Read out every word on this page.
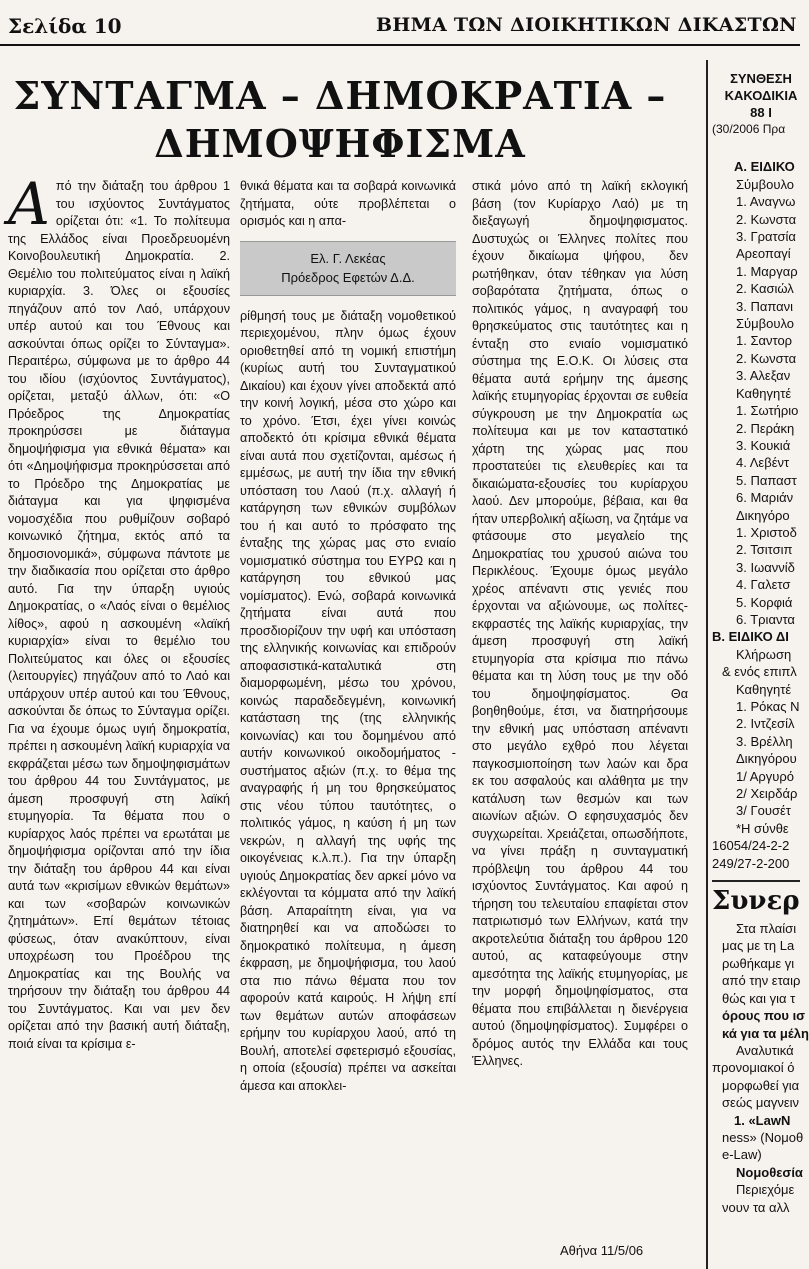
Σελίδα 10	ΒΗΜΑ ΤΩΝ ΔΙΟΙΚΗΤΙΚΩΝ ΔΙΚΑΣΤΩΝ
ΣΥΝΤΑΓΜΑ – ΔΗΜΟΚΡΑΤΙΑ –
ΔΗΜΟΨΗΦΙΣΜΑ
Α πό την διάταξη του άρθρου 1 του ισχύοντος Συντάγματος ορίζεται ότι: «1. Το πολίτευμα της Ελλάδος είναι Προεδρευομένη Κοινοβουλευτική Δημοκρατία. 2. Θεμέλιο του πολιτεύματος είναι η λαϊκή κυριαρχία. 3. Όλες οι εξουσίες πηγάζουν από τον Λαό, υπάρχουν υπέρ αυτού και του Έθνους και ασκούνται όπως ορίζει το Σύνταγμα». Περαιτέρω, σύμφωνα με το άρθρο 44 του ιδίου (ισχύοντος Συντάγματος), ορίζεται, μεταξύ άλλων, ότι: «Ο Πρόεδρος της Δημοκρατίας προκηρύσσει με διάταγμα δημοψήφισμα για εθνικά θέματα» και ότι «Δημοψήφισμα προκηρύσσεται από το Πρόεδρο της Δημοκρατίας με διάταγμα και για ψηφισμένα νομοσχέδια που ρυθμίζουν σοβαρό κοινωνικό ζήτημα, εκτός από τα δημοσιονομικά», σύμφωνα πάντοτε με την διαδικασία που ορίζεται στο άρθρο αυτό. Για την ύπαρξη υγιούς Δημοκρατίας, ο «Λαός είναι ο θεμέλιος λίθος», αφού η ασκουμένη «λαϊκή κυριαρχία» είναι το θεμέλιο του Πολιτεύματος και όλες οι εξουσίες (λειτουργίες) πηγάζουν από το Λαό και υπάρχουν υπέρ αυτού και του Έθνους, ασκούνται δε όπως το Σύνταγμα ορίζει. Για να έχουμε όμως υγιή δημοκρατία, πρέπει η ασκουμένη λαϊκή κυριαρχία να εκφράζεται μέσω των δημοψηφισμάτων του άρθρου 44 του Συντάγματος, με άμεση προσφυγή στη λαϊκή ετυμηγορία. Τα θέματα που ο κυρίαρχος λαός πρέπει να ερωτάται με δημοψήφισμα ορίζονται από την ίδια την διάταξη του άρθρου 44 και είναι αυτά των «κρισίμων εθνικών θεμάτων» και των «σοβαρών κοινωνικών ζητημάτων». Επί θεμάτων τέτοιας φύσεως, όταν ανακύπτουν, είναι υποχρέωση του Προέδρου της Δημοκρατίας και της Βουλής να τηρήσουν την διάταξη του άρθρου 44 του Συντάγματος. Και ναι μεν δεν ορίζεται από την βασική αυτή διάταξη, ποιά είναι τα κρίσιμα ε-
θνικά θέματα και τα σοβαρά κοινωνικά ζητήματα, ούτε προβλέπεται ο ορισμός και η απα-
Ελ. Γ. Λεκέας
Πρόεδρος Εφετών Δ.Δ.
ρίθμησή τους με διάταξη νομοθετικού περιεχομένου, πλην όμως έχουν οριοθετηθεί από τη νομική επιστήμη (κυρίως αυτή του Συνταγματικού Δικαίου) και έχουν γίνει αποδεκτά από την κοινή λογική, μέσα στο χώρο και το χρόνο. Έτσι, έχει γίνει κοινώς αποδεκτό ότι κρίσιμα εθνικά θέματα είναι αυτά που σχετίζονται, αμέσως ή εμμέσως, με αυτή την ίδια την εθνική υπόσταση του Λαού (π.χ. αλλαγή ή κατάργηση των εθνικών συμβόλων του ή και αυτό το πρόσφατο της ένταξης της χώρας μας στο ενιαίο νομισματικό σύστημα του ΕΥΡΩ και η κατάργηση του εθνικού μας νομίσματος). Ενώ, σοβαρά κοινωνικά ζητήματα είναι αυτά που προσδιορίζουν την υφή και υπόσταση της ελληνικής κοινωνίας και επιδρούν αποφασιστικά-καταλυτικά στη διαμορφωμένη, μέσω του χρόνου, κοινώς παραδεδεγμένη, κοινωνική κατάσταση της (της ελληνικής κοινωνίας) και του δομημένου από αυτήν κοινωνικού οικοδομήματος - συστήματος αξιών (π.χ. το θέμα της αναγραφής ή μη του θρησκεύματος στις νέου τύπου ταυτότητες, ο πολιτικός γάμος, η καύση ή μη των νεκρών, η αλλαγή της υφής της οικογένειας κ.λ.π.). Για την ύπαρξη υγιούς Δημοκρατίας δεν αρκεί μόνο να εκλέγονται τα κόμματα από την λαϊκή βάση. Απαραίτητη είναι, για να διατηρηθεί και να αποδώσει το δημοκρατικό πολίτευμα, η άμεση έκφραση, με δημοψήφισμα, του λαού στα πιο πάνω θέματα που τον αφορούν κατά καιρούς. Η λήψη επί των θεμάτων αυτών αποφάσεων ερήμην του κυρίαρχου λαού, από τη Βουλή, αποτελεί σφετερισμό εξουσίας, η οποία (εξουσία) πρέπει να ασκείται άμεσα και αποκλει-
στικά μόνο από τη λαϊκή εκλογική βάση (τον Κυρίαρχο Λαό) με τη διεξαγωγή δημοψηφισματος. Δυστυχώς οι Έλληνες πολίτες που έχουν δικαίωμα ψήφου, δεν ρωτήθηκαν, όταν τέθηκαν για λύση σοβαρότατα ζητήματα, όπως ο πολιτικός γάμος, η αναγραφή του θρησκεύματος στις ταυτότητες και η ένταξη στο ενιαίο νομισματικό σύστημα της Ε.Ο.Κ. Οι λύσεις στα θέματα αυτά ερήμην της άμεσης λαϊκής ετυμηγορίας έρχονται σε ευθεία σύγκρουση με την Δημοκρατία ως πολίτευμα και με τον καταστατικό χάρτη της χώρας μας που προστατεύει τις ελευθερίες και τα δικαιώματα-εξουσίες του κυρίαρχου λαού. Δεν μπορούμε, βέβαια, και θα ήταν υπερβολική αξίωση, να ζητάμε να φτάσουμε στο μεγαλείο της Δημοκρατίας του χρυσού αιώνα του Περικλέους. Έχουμε όμως μεγάλο χρέος απέναντι στις γενιές που έρχονται να αξιώνουμε, ως πολίτες-εκφραστές της λαϊκής κυριαρχίας, την άμεση προσφυγή στη λαϊκή ετυμηγορία στα κρίσιμα πιο πάνω θέματα και τη λύση τους με την οδό του δημοψηφίσματος. Θα βοηθηθούμε, έτσι, να διατηρήσουμε την εθνική μας υπόσταση απέναντι στο μεγάλο εχθρό που λέγεται παγκοσμιοποίηση των λαών και δρα εκ του ασφαλούς και αλάθητα με την κατάλυση των θεσμών και των αιωνίων αξιών. Ο εφησυχασμός δεν συγχωρείται. Χρειάζεται, οπωσδήποτε, να γίνει πράξη η συνταγματική πρόβλεψη του άρθρου 44 του ισχύοντος Συντάγματος. Και αφού η τήρηση του τελευταίου επαφίεται στον πατριωτισμό των Ελλήνων, κατά την ακροτελεύτια διάταξη του άρθρου 120 αυτού, ας καταφεύγουμε στην αμεσότητα της λαϊκής ετυμηγορίας, με την μορφή δημοψηφίσματος, στα θέματα που επιβάλλεται η διενέργεια αυτού (δημοψηφίσματος). Συμφέρει ο δρόμος αυτός την Ελλάδα και τους Έλληνες.
Αθήνα 11/5/06
ΣΥΝΘΕΣΗ
ΚΑΚΟΔΙΚΙΑ
88 Ι
(30/2006 Πρα
Α. ΕΙΔΙΚΟ
Σύμβουλο
1. Αναγνω
2. Κωνστα
3. Γρατσία
Αρεοπαγί
1. Μαργαρ
2. Κασιώλ
3. Παπανι
Σύμβουλο
1. Σαντορ
2. Κωνστα
3. Αλεξαν
Καθηγητέ
1. Σωτήριο
2. Περάκη
3. Κουκιά
4. Λεβέντ
5. Παπαστ
6. Μαριάν
Δικηγόρο
1. Χριστοδ
2. Τσιτσιπ
3. Ιωαννίδ
4. Γαλετσ
5. Κορφιά
6. Τριαντα
Β. ΕΙΔΙΚΟ ΔΙ
Κλήρωση
& ενός επιπλ
Καθηγητέ
1. Ρόκας Ν
2. Ιντζεσίλ
3. Βρέλλη
Δικηγόρου
1/ Αργυρό
2/ Χειρδάρ
3/ Γουσέτ
*Η σύνθε
16054/24-2-2
249/27-2-200
Συνερ
Στα πλαίσι
μας με τη La
ρωθήκαμε γι
από την εταιρ
θώς και για τ
όρους που ισ
κά για τα μέλη
Αναλυτικά
προνομιακοί ό
μορφωθεί για
σεώς μαγνειν
1. «LawN
ness» (Νομοθ
e-Law)
Νομοθεσία
Περιεχόμε
νουν τα αλλ
